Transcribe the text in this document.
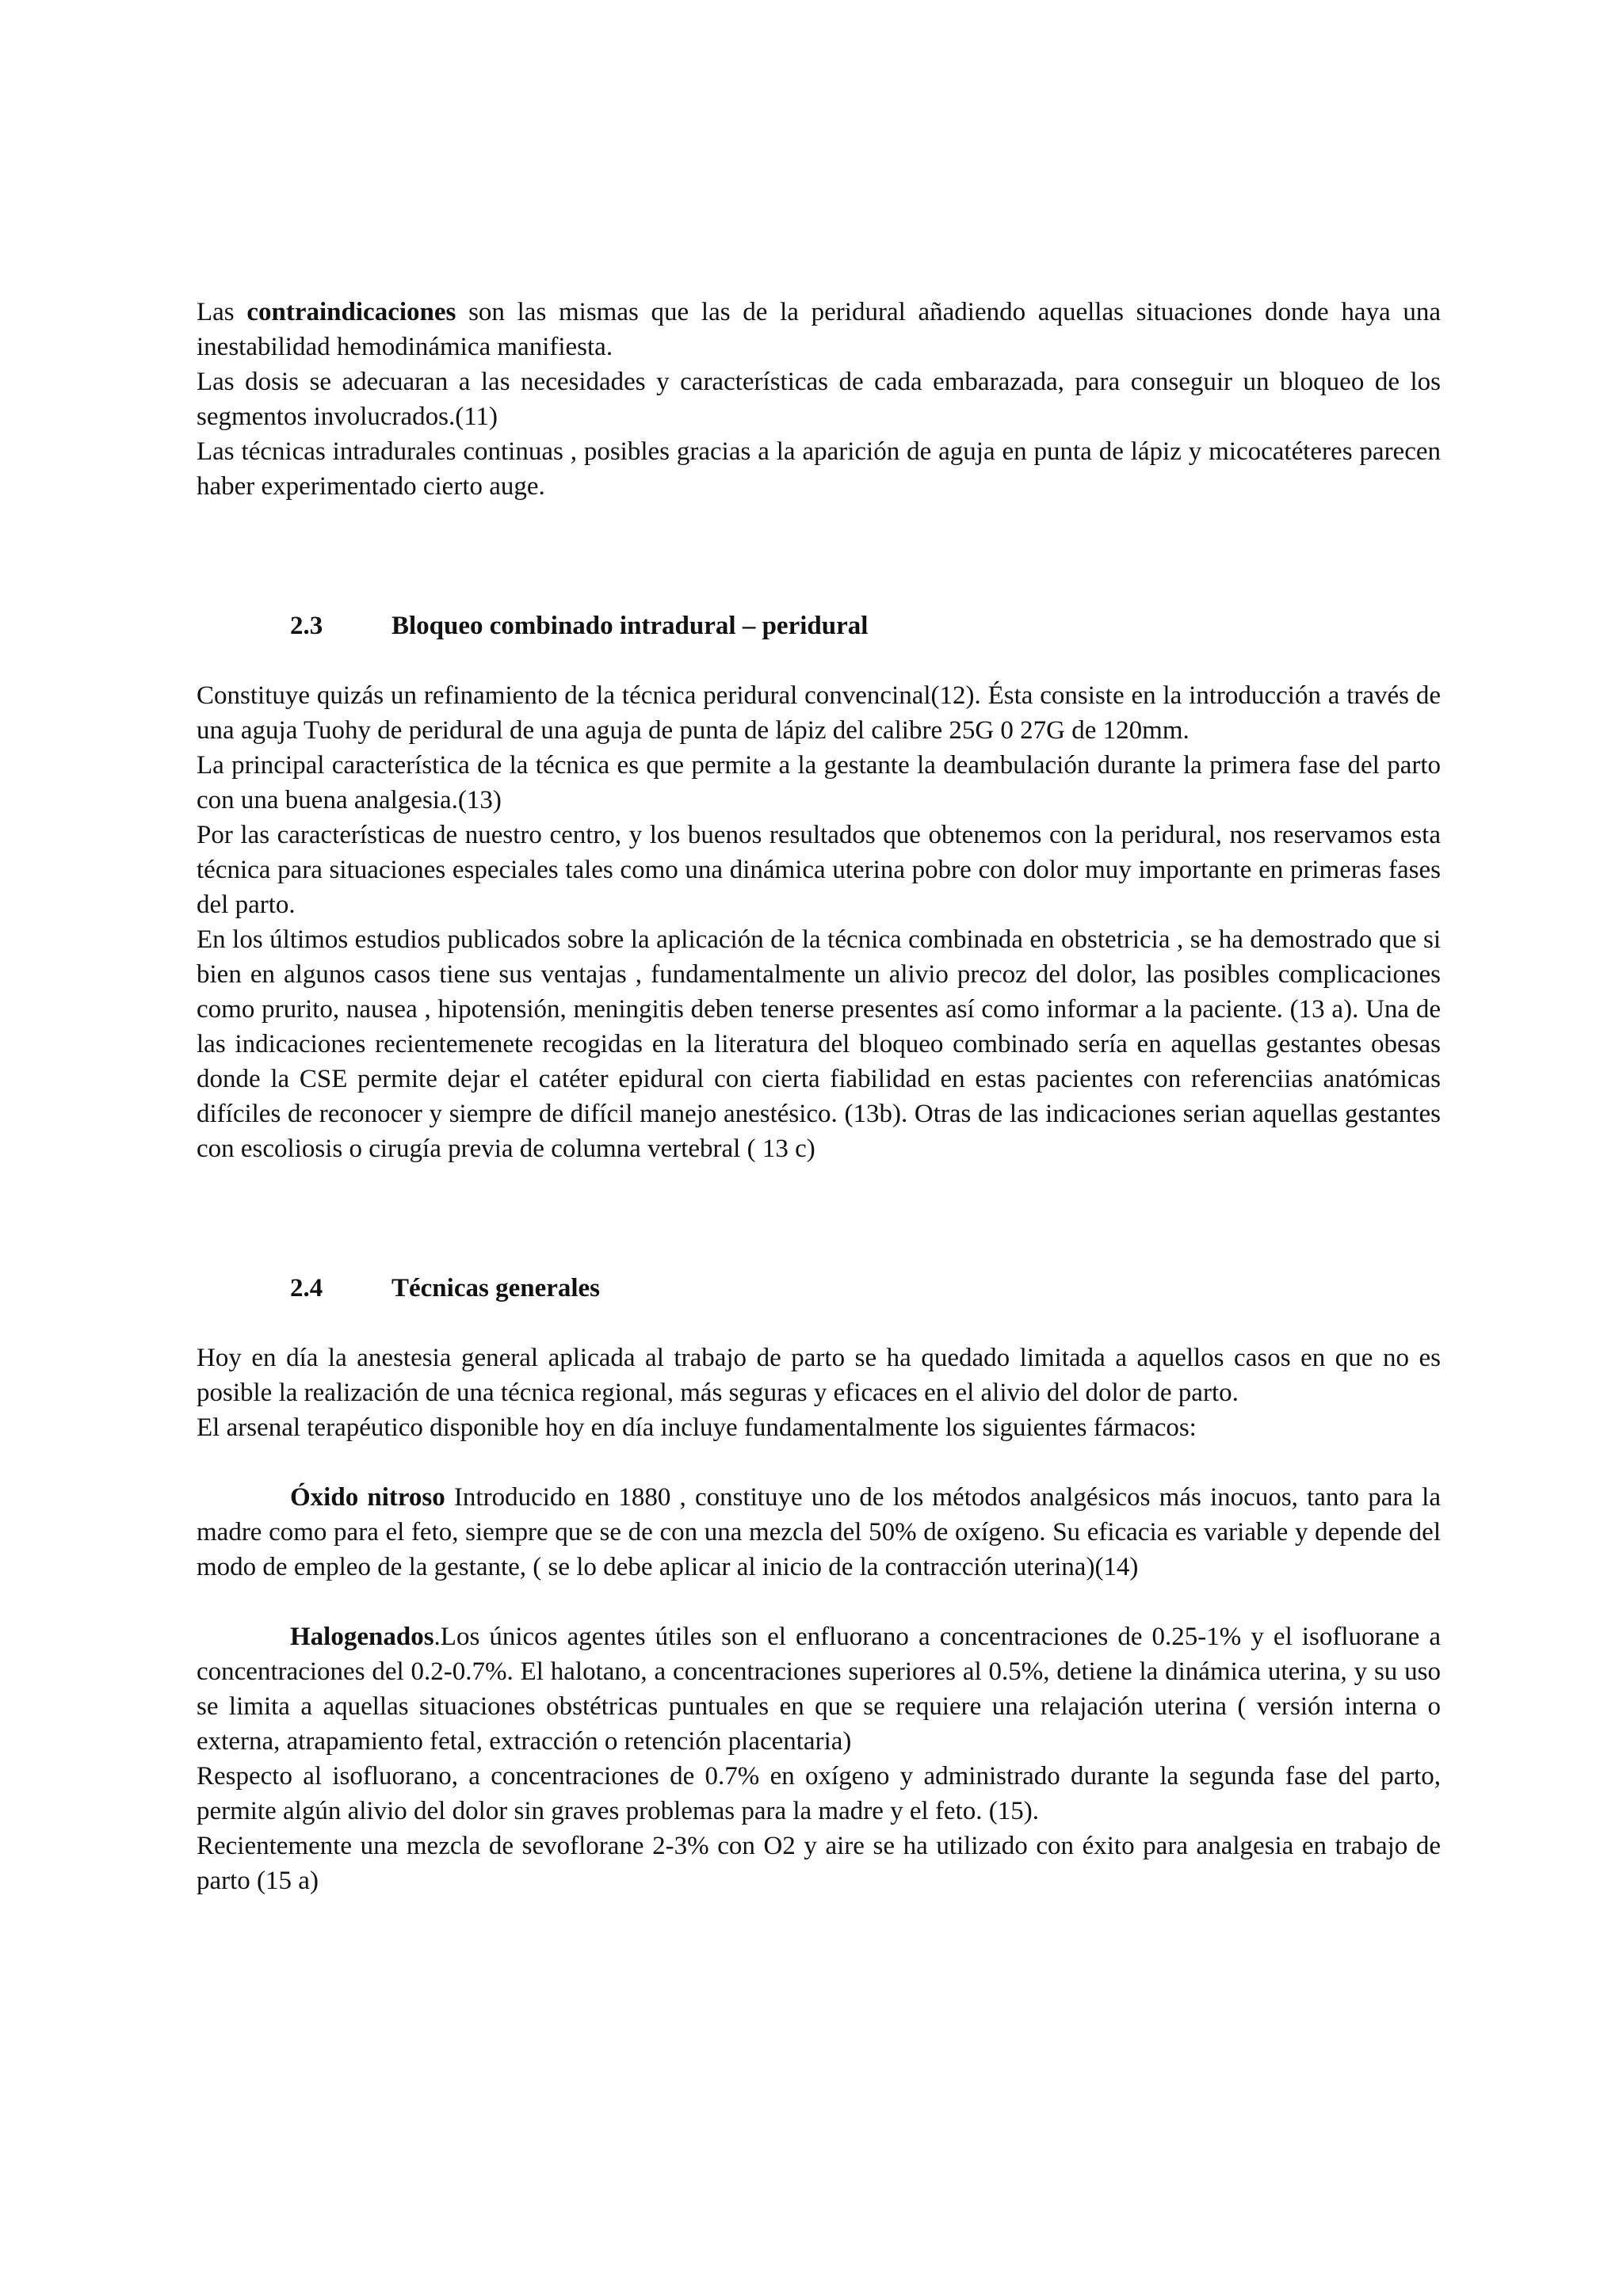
Las contraindicaciones son las mismas que las de la peridural añadiendo aquellas situaciones donde haya una inestabilidad hemodinámica manifiesta.

Las dosis se adecuaran a las necesidades y características de cada embarazada, para conseguir un bloqueo de los segmentos involucrados.(11)

Las técnicas intradurales continuas , posibles gracias a la aparición de aguja en punta de lápiz y micocatéteres parecen haber experimentado cierto auge.

2.3	Bloqueo combinado intradural – peridural

Constituye quizás un refinamiento de la técnica peridural convencinal(12). Ésta consiste en la introducción a través de una aguja Tuohy de peridural de una aguja de punta de lápiz del calibre 25G 0 27G de 120mm.

La principal característica de la técnica es que permite a la gestante la deambulación durante la primera fase del parto con una buena analgesia.(13)

Por las características de nuestro centro, y los buenos resultados que obtenemos con la peridural, nos reservamos esta técnica para situaciones especiales tales como una dinámica uterina pobre con dolor muy importante en primeras fases del parto.

En los últimos estudios publicados sobre la aplicación de la técnica combinada en obstetricia , se ha demostrado que si bien en algunos casos tiene sus ventajas , fundamentalmente un alivio precoz del dolor, las posibles complicaciones como prurito, nausea , hipotensión, meningitis deben tenerse presentes así como informar a la paciente. (13 a). Una de las indicaciones recientemenete recogidas en la literatura del bloqueo combinado sería en aquellas gestantes obesas donde la CSE permite dejar el catéter epidural con cierta fiabilidad en estas pacientes con referenciias anatómicas difíciles de reconocer y siempre de difícil manejo anestésico. (13b). Otras de las indicaciones serian aquellas gestantes con escoliosis o cirugía previa de columna vertebral ( 13 c)

2.4	Técnicas generales

Hoy en día la anestesia general aplicada al trabajo de parto se ha quedado limitada a aquellos casos en que no es posible la realización de una técnica regional, más seguras y eficaces en el alivio del dolor de parto.

El arsenal terapéutico disponible hoy en día incluye fundamentalmente los siguientes fármacos:

Óxido nitroso Introducido en 1880 , constituye uno de los métodos analgésicos más inocuos, tanto para la madre como para el feto, siempre que se de con una mezcla del 50% de oxígeno. Su eficacia es variable y depende del modo de empleo de la gestante, ( se lo debe aplicar al inicio de la contracción uterina)(14)

Halogenados.Los únicos agentes útiles son el enfluorano a concentraciones de 0.25-1% y el isofluorane a concentraciones del 0.2-0.7%. El halotano, a concentraciones superiores al 0.5%, detiene la dinámica uterina, y su uso se limita a aquellas situaciones obstétricas puntuales en que se requiere una relajación uterina ( versión interna o externa, atrapamiento fetal, extracción o retención placentaria)

Respecto al isofluorano, a concentraciones de 0.7% en oxígeno y administrado durante la segunda fase del parto, permite algún alivio del dolor sin graves problemas para la madre y el feto. (15).

Recientemente una mezcla de sevoflorane 2-3% con O2 y aire se ha utilizado con éxito para analgesia en trabajo de parto (15 a)
